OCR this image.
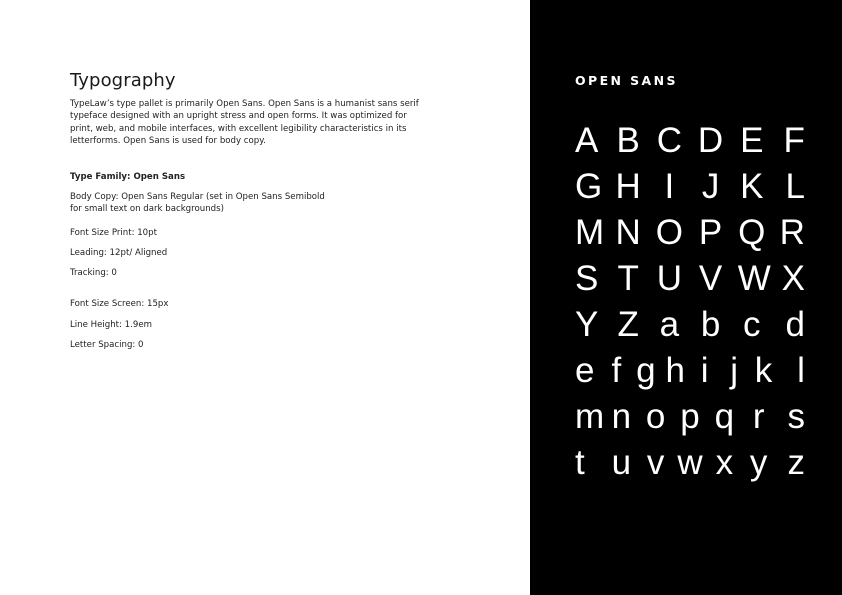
Typography

TypeLaw’s type pallet is primarily Open Sans. Open Sans is a humanist sans serif typeface designed with an upright stress and open forms. It was optimized for print, web, and mobile interfaces, with excellent legibility characteristics in its letterforms. Open Sans is used for body copy.

Type Family: Open Sans

Body Copy: Open Sans Regular (set in Open Sans Semibold for small text on dark backgrounds)

Font Size Print: 10pt

Leading: 12pt/ Aligned

Tracking: 0

Font Size Screen: 15px

Line Height: 1.9em

Letter Spacing: 0

OPEN SANS
A B C D E F
G H I J K L
M N O P Q R
S T U V W X
Y Z a b c d
e f g h i j k l
m n o p q r s
t u v w x y z
